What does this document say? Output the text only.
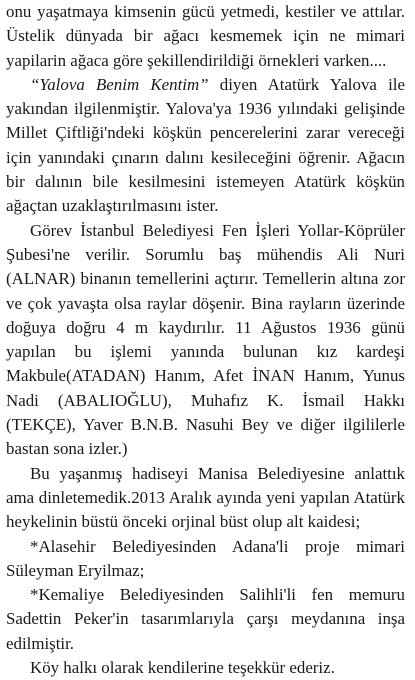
onu yaşatmaya kimsenin gücü yetmedi, kestiler ve attılar. Üstelik dünyada bir ağacı kesmemek için ne mimari yapilarin ağaca göre şekillendirildiği örnekleri varken....

“Yalova Benim Kentim” diyen Atatürk Yalova ile yakından ilgilenmiştir. Yalova'ya 1936 yılındaki gelişinde Millet Çiftliği'ndeki köşkün pencerelerini zarar vereceği için yanındaki çınarın dalını kesileceğini öğrenir. Ağacın bir dalının bile kesilmesini istemeyen Atatürk köşkün ağaçtan uzaklaştırılmasını ister.

Görev İstanbul Belediyesi Fen İşleri Yollar-Köprüler Şubesi'ne verilir. Sorumlu baş mühendis Ali Nuri (ALNAR) binanın temellerini açtırır. Temellerin altına zor ve çok yavaşta olsa raylar döşenir. Bina rayların üzerinde doğuya doğru 4 m kaydırılır. 11 Ağustos 1936 günü yapılan bu işlemi yanında bulunan kız kardeşi Makbule(ATADAN) Hanım, Afet İNAN Hanım, Yunus Nadi (ABALIOĞLU), Muhafız K. İsmail Hakkı (TEKÇE), Yaver B.N.B. Nasuhi Bey ve diğer ilgililerle bastan sona izler.)

Bu yaşanmış hadiseyi Manisa Belediyesine anlattık ama dinletemedik.2013 Aralık ayında yeni yapılan Atatürk heykelinin büstü önceki orjinal büst olup alt kaidesi;

*Alasehir Belediyesinden Adana'li proje mimari Süleyman Eryilmaz;

*Kemaliye Belediyesinden Salihli'li fen memuru Sadettin Peker'in tasarımlarıyla çarşı meydanına inşa edilmiştir.

Köy halkı olarak kendilerine teşekkür ederiz.
